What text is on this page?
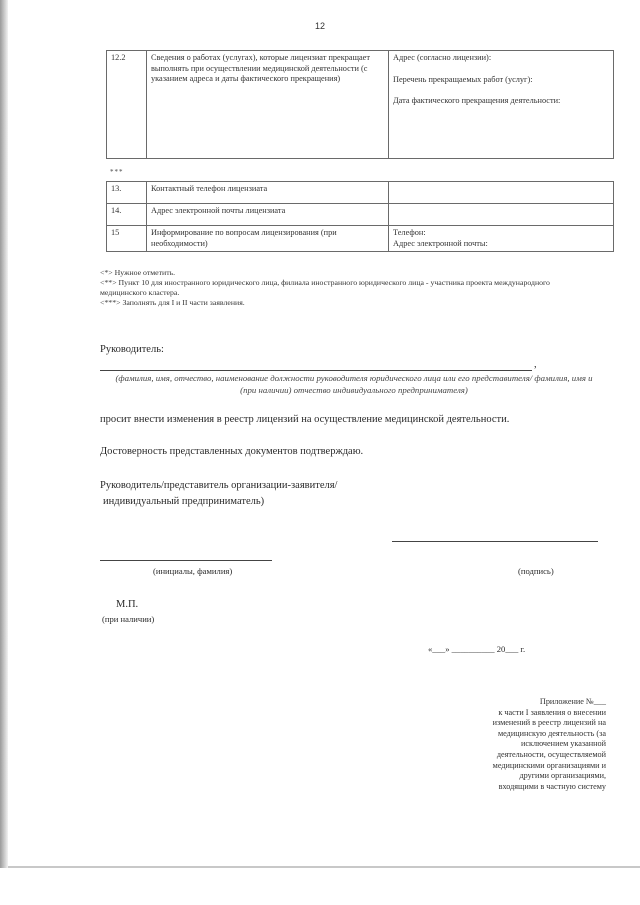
12
12.2	Сведения о работах (услугах), которые лицензиат прекращает выполнять при осуществлении медицинской деятельности (с указанием адреса и даты фактического прекращения)	
Адрес (согласно лицензии):
Перечень прекращаемых работ (услуг):
Дата фактического прекращения деятельности:
***
13.	Контактный телефон лицензиата	
14.	Адрес электронной почты лицензиата	
15	Информирование по вопросам лицензирования (при необходимости)	Телефон:
Адрес электронной почты:
<*> Нужное отметить.
<**> Пункт 10 для иностранного юридического лица, филиала иностранного юридического лица - участника проекта международного медицинского кластера.
<***> Заполнять для I и II части заявления.
Руководитель:
,
(фамилия, имя, отчество, наименование должности руководителя юридического лица или его представителя/ фамилия, имя и (при наличии) отчество индивидуального предпринимателя)
просит внести изменения в реестр лицензий на осуществление медицинской деятельности.
Достоверность представленных документов подтверждаю.
Руководитель/представитель организации-заявителя/
индивидуальный предприниматель)
(инициалы, фамилия)	(подпись)
М.П.
(при наличии)
«___» __________ 20___ г.
Приложение №___
к части I заявления о внесении
изменений в реестр лицензий на
медицинскую деятельность (за
исключением указанной
деятельности, осуществляемой
медицинскими организациями и
другими организациями,
входящими в частную систему
